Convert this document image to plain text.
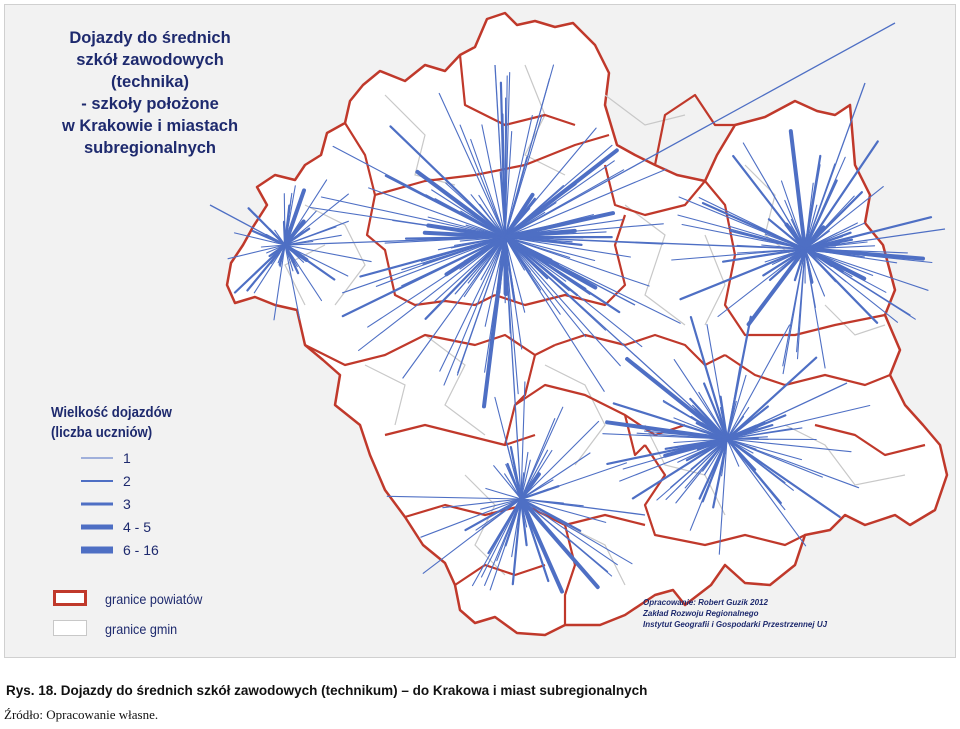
Dojazdy do średnich
szkół zawodowych
(technika)
- szkoły położone
w Krakowie i miastach
subregionalnych
Wielkość dojazdów
(liczba uczniów)
1
2
3
4 - 5
6 - 16
granice powiatów
granice gmin
Opracowanie: Robert Guzik 2012
Zakład Rozwoju Regionalnego
Instytut Geografii i Gospodarki Przestrzennej UJ
Rys. 18. Dojazdy do średnich szkół zawodowych (technikum) – do Krakowa i miast subregionalnych
Źródło: Opracowanie własne.
